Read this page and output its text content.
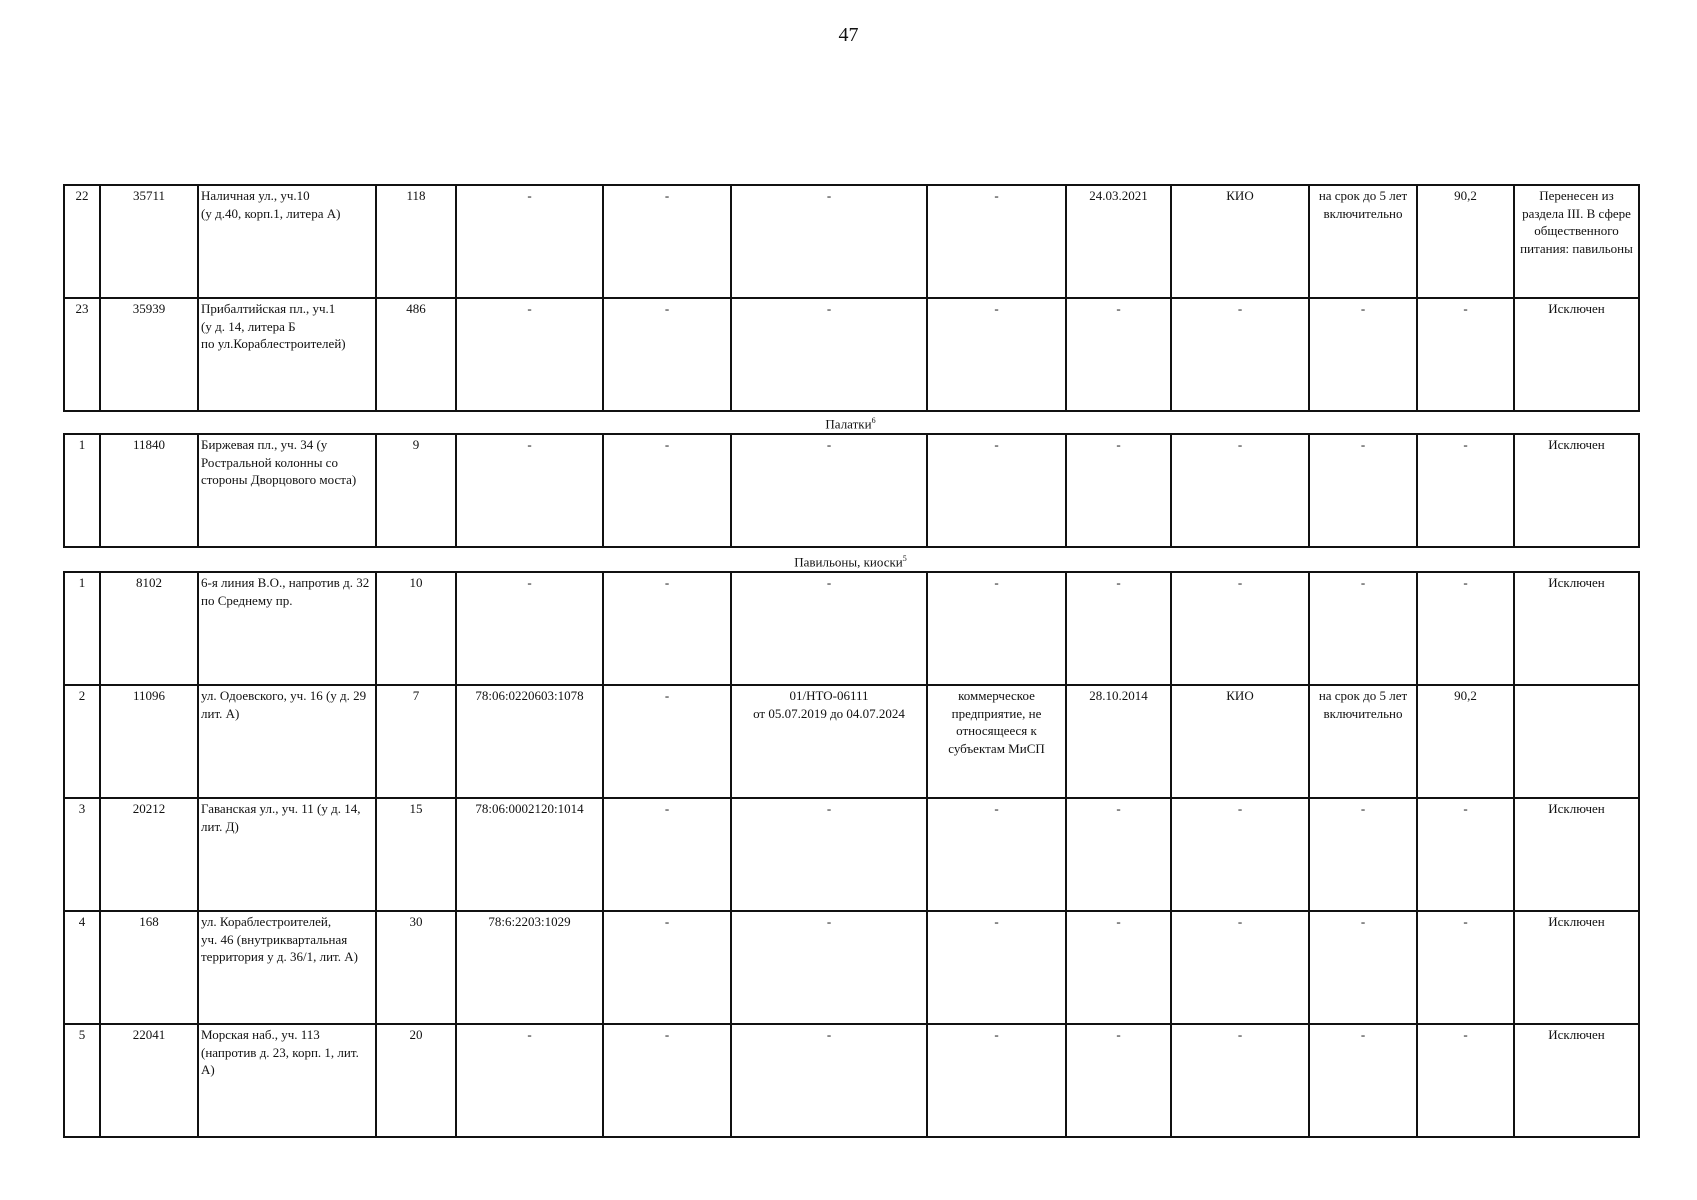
47
22	35711	Наличная ул., уч.10
(у д.40, корп.1, литера А)	118	-	-	-	-	24.03.2021	КИО	на срок до 5 лет включительно	90,2	Перенесен из раздела III. В сфере общественного питания: павильоны
23	35939	Прибалтийская пл., уч.1
(у д. 14, литера Б
по ул.Кораблестроителей)	486	-	-	-	-	-	-	-	-	Исключен
Палатки$^6$
1	11840	Биржевая пл., уч. 34 (у Ростральной колонны со стороны Дворцового моста)	9	-	-	-	-	-	-	-	-	Исключен
Павильоны, киоски$^5$
1	8102	6-я линия В.О., напротив д. 32 по Среднему пр.	10	-	-	-	-	-	-	-	-	Исключен
2	11096	ул. Одоевского, уч. 16 (у д. 29 лит. А)	7	78:06:0220603:1078	-	01/НТО-06111
от 05.07.2019 до 04.07.2024	коммерческое предприятие, не относящееся к субъектам МиСП	28.10.2014	КИО	на срок до 5 лет включительно	90,2	
3	20212	Гаванская ул., уч. 11 (у д. 14, лит. Д)	15	78:06:0002120:1014	-	-	-	-	-	-	-	Исключен
4	168	ул. Кораблестроителей,
уч. 46 (внутриквартальная территория у д. 36/1, лит. А)	30	78:6:2203:1029	-	-	-	-	-	-	-	Исключен
5	22041	Морская наб., уч. 113
(напротив д. 23, корп. 1, лит. А)	20	-	-	-	-	-	-	-	-	Исключен
